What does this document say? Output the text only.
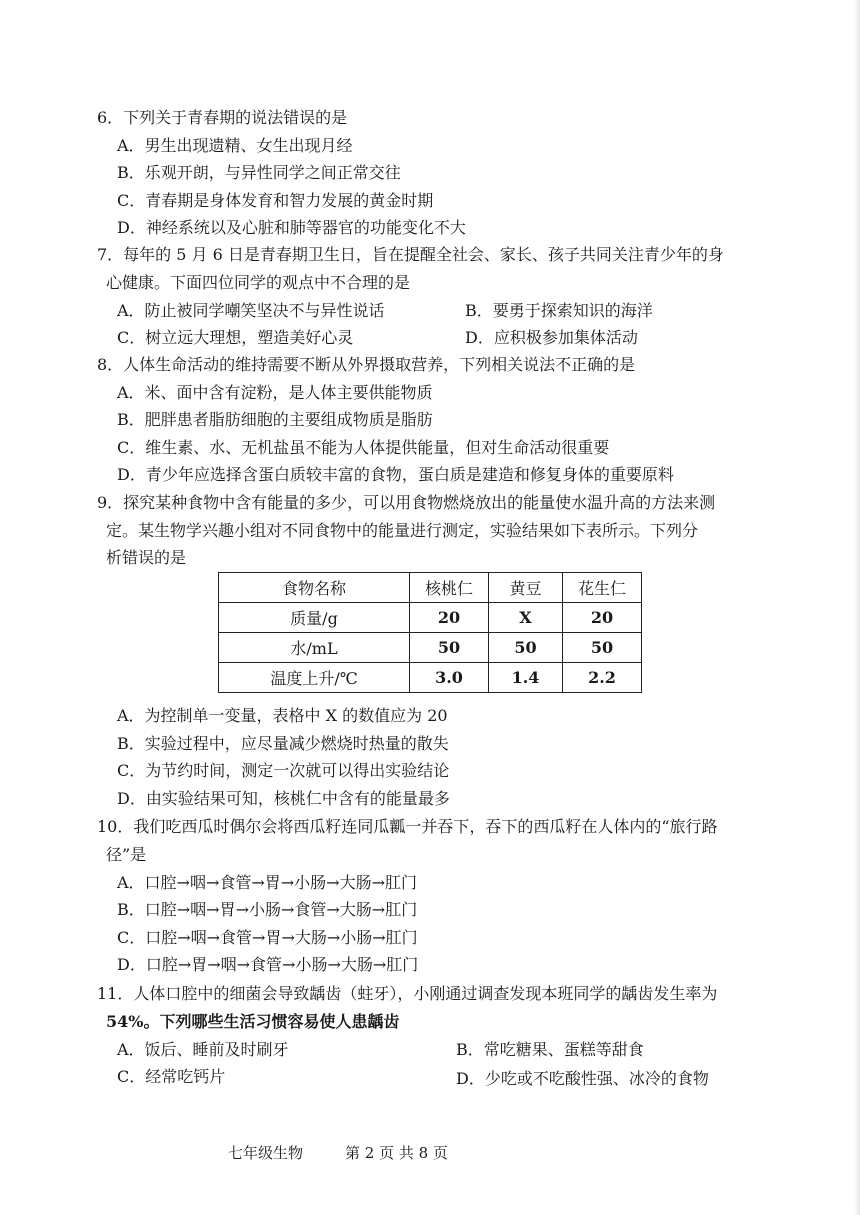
6．下列关于青春期的说法错误的是
A．男生出现遗精、女生出现月经
B．乐观开朗，与异性同学之间正常交往
C．青春期是身体发育和智力发展的黄金时期
D．神经系统以及心脏和肺等器官的功能变化不大
7．每年的 5 月 6 日是青春期卫生日，旨在提醒全社会、家长、孩子共同关注青少年的身
心健康。下面四位同学的观点中不合理的是
A．防止被同学嘲笑坚决不与异性说话	B．要勇于探索知识的海洋
C．树立远大理想，塑造美好心灵	D．应积极参加集体活动
8．人体生命活动的维持需要不断从外界摄取营养，下列相关说法不正确的是
A．米、面中含有淀粉，是人体主要供能物质
B．肥胖患者脂肪细胞的主要组成物质是脂肪
C．维生素、水、无机盐虽不能为人体提供能量，但对生命活动很重要
D．青少年应选择含蛋白质较丰富的食物，蛋白质是建造和修复身体的重要原料
9．探究某种食物中含有能量的多少，可以用食物燃烧放出的能量使水温升高的方法来测
定。某生物学兴趣小组对不同食物中的能量进行测定，实验结果如下表所示。下列分
析错误的是
食物名称	核桃仁	黄豆	花生仁
质量/g	20	X	20
水/mL	50	50	50
温度上升/℃	3.0	1.4	2.2
A．为控制单一变量，表格中 X 的数值应为 20
B．实验过程中，应尽量减少燃烧时热量的散失
C．为节约时间，测定一次就可以得出实验结论
D．由实验结果可知，核桃仁中含有的能量最多
10．我们吃西瓜时偶尔会将西瓜籽连同瓜瓤一并吞下，吞下的西瓜籽在人体内的“旅行路
径”是
A．口腔→咽→食管→胃→小肠→大肠→肛门
B．口腔→咽→胃→小肠→食管→大肠→肛门
C．口腔→咽→食管→胃→大肠→小肠→肛门
D．口腔→胃→咽→食管→小肠→大肠→肛门
11．人体口腔中的细菌会导致龋齿（蛀牙），小刚通过调查发现本班同学的龋齿发生率为
54%。下列哪些生活习惯容易使人患龋齿
A．饭后、睡前及时刷牙	B．常吃糖果、蛋糕等甜食
C．经常吃钙片	D．少吃或不吃酸性强、冰冷的食物
七年级生物	第 2 页 共 8 页
